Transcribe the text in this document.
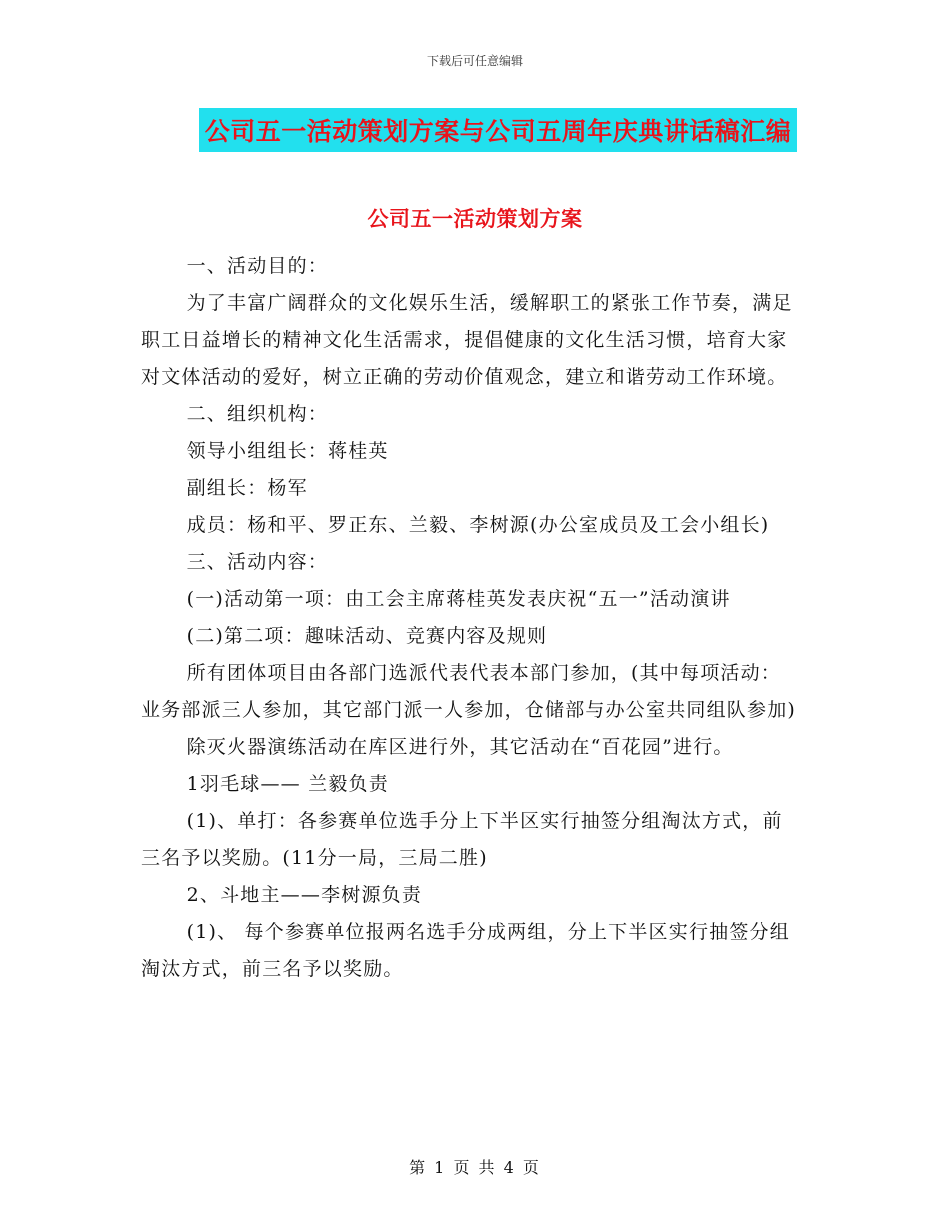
下载后可任意编辑
公司五一活动策划方案与公司五周年庆典讲话稿汇编
公司五一活动策划方案

一、活动目的：

为了丰富广阔群众的文化娱乐生活，缓解职工的紧张工作节奏，满足职工日益增长的精神文化生活需求，提倡健康的文化生活习惯，培育大家对文体活动的爱好，树立正确的劳动价值观念，建立和谐劳动工作环境。

二、组织机构：

领导小组组长：蒋桂英

副组长：杨军

成员：杨和平、罗正东、兰毅、李树源(办公室成员及工会小组长)

三、活动内容：

(一)活动第一项：由工会主席蒋桂英发表庆祝“五一”活动演讲

(二)第二项：趣味活动、竞赛内容及规则

所有团体项目由各部门选派代表代表本部门参加，(其中每项活动：业务部派三人参加，其它部门派一人参加，仓储部与办公室共同组队参加)

除灭火器演练活动在库区进行外，其它活动在“百花园”进行。

1羽毛球—— 兰毅负责

(1)、单打：各参赛单位选手分上下半区实行抽签分组淘汰方式，前三名予以奖励。(11分一局，三局二胜)

2、斗地主——李树源负责

(1)、 每个参赛单位报两名选手分成两组，分上下半区实行抽签分组淘汰方式，前三名予以奖励。

第 1 页 共 4 页
